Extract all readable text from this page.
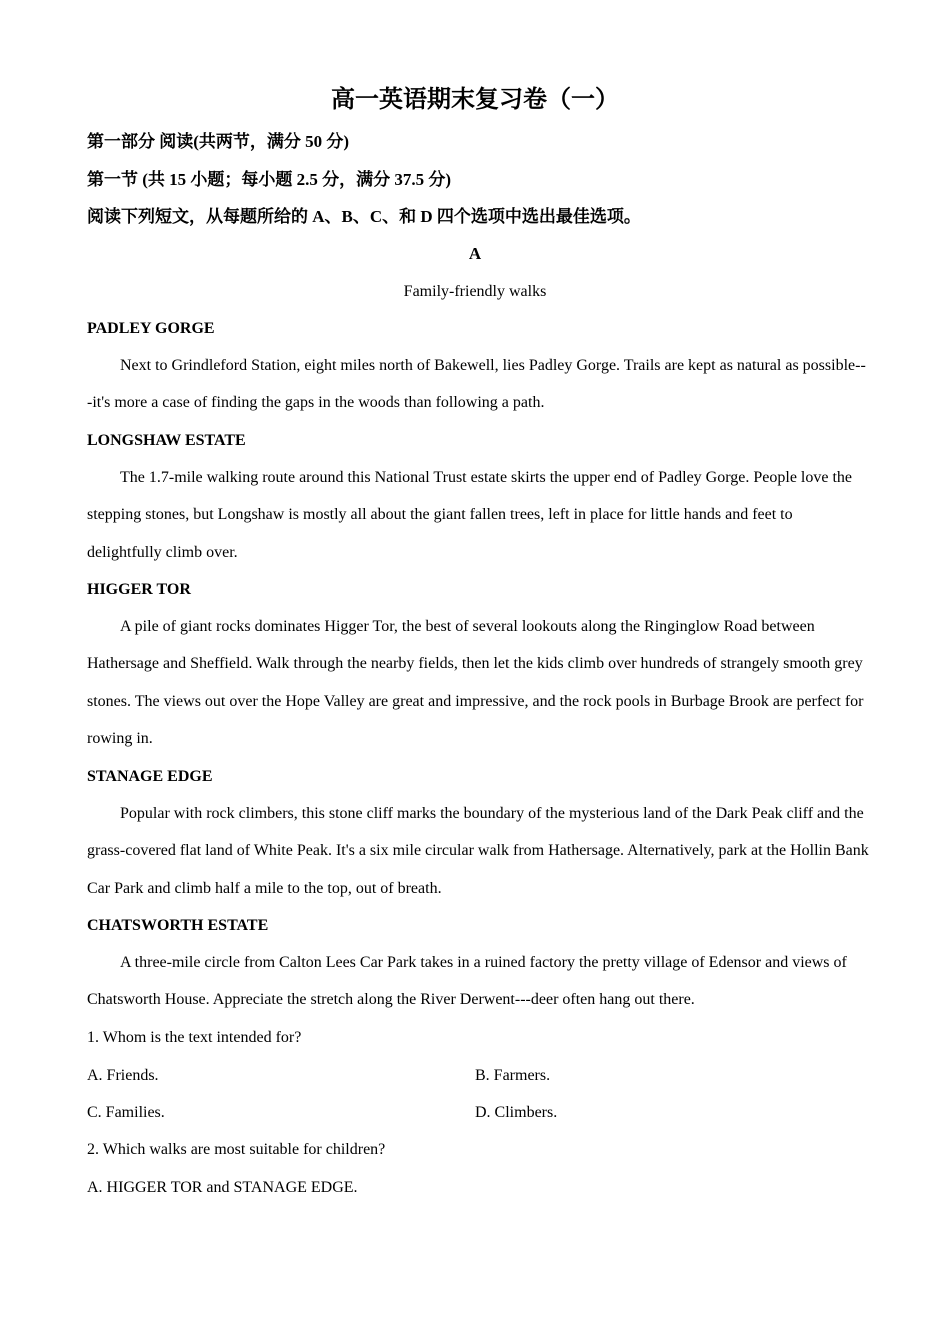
高一英语期末复习卷（一）
第一部分 阅读(共两节，满分 50 分)
第一节 (共 15 小题；每小题 2.5 分，满分 37.5 分)
阅读下列短文，从每题所给的 A、B、C、和 D 四个选项中选出最佳选项。
A
Family-friendly walks
PADLEY GORGE

Next to Grindleford Station, eight miles north of Bakewell, lies Padley Gorge. Trails are kept as natural as possible---it's more a case of finding the gaps in the woods than following a path.

LONGSHAW ESTATE

The 1.7-mile walking route around this National Trust estate skirts the upper end of Padley Gorge. People love the stepping stones, but Longshaw is mostly all about the giant fallen trees, left in place for little hands and feet to delightfully climb over.

HIGGER TOR

A pile of giant rocks dominates Higger Tor, the best of several lookouts along the Ringinglow Road between Hathersage and Sheffield. Walk through the nearby fields, then let the kids climb over hundreds of strangely smooth grey stones. The views out over the Hope Valley are great and impressive, and the rock pools in Burbage Brook are perfect for rowing in.

STANAGE EDGE

Popular with rock climbers, this stone cliff marks the boundary of the mysterious land of the Dark Peak cliff and the grass-covered flat land of White Peak. It's a six mile circular walk from Hathersage. Alternatively, park at the Hollin Bank Car Park and climb half a mile to the top, out of breath.

CHATSWORTH ESTATE

A three-mile circle from Calton Lees Car Park takes in a ruined factory the pretty village of Edensor and views of Chatsworth House. Appreciate the stretch along the River Derwent---deer often hang out there.

1. Whom is the text intended for?
A. Friends.	B. Farmers.
C. Families.	D. Climbers.
2. Which walks are most suitable for children?
A. HIGGER TOR and STANAGE EDGE.
